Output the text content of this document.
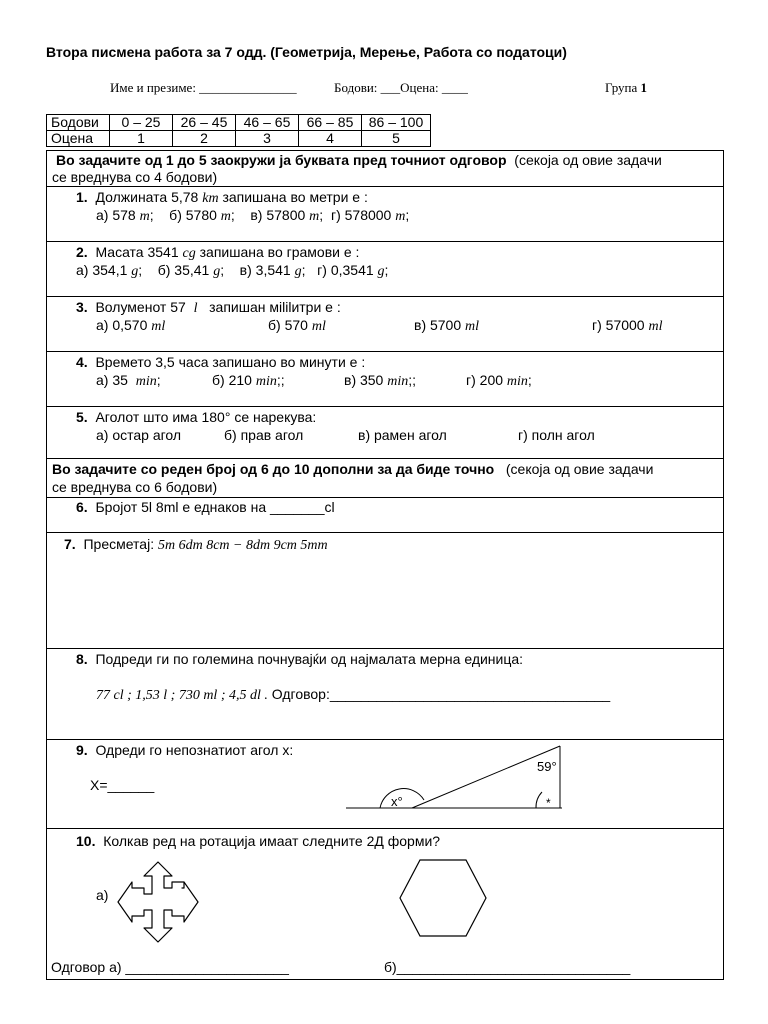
Втора писмена работа за 7 одд. (Геометрија, Мерење, Работа со податоци)
Име и презиме: _______________	Бодови: ___Оцена: ____	Група 1
Бодови	0 – 25	26 – 45	46 – 65	66 – 85	86 – 100
Оцена	1	2	3	4	5
Во задачите од 1 до 5 заокружи ја буквата пред точниот одговор (секоја од овие задачи
се вреднува со 4 бодови)
1. Должината 5,78 km запишана во метри е :
а) 578 m;    б) 5780 m;    в) 57800 m;  г) 578000 m;
2. Масата 3541 cg запишана во грамови е :
а) 354,1 g;    б) 35,41 g;    в) 3,541 g;   г) 0,3541 g;
3. Волуменот 57 l запишан мililитри е :
а) 0,570 ml	б) 570 ml	в) 5700 ml	г) 57000 ml
4. Времето 3,5 часа запишано во минути е :
а) 35 min;	б) 210 min;;	в) 350 min;;	г) 200 min;
5. Аголот што има 180° се нарекува:
а) остар агол	б) прав агол	в) рамен агол	г) полн агол
Во задачите со реден број од 6 до 10 дополни за да биде точно (секоја од овие задачи
се вреднува со 6 бодови)
6. Бројот 5l 8ml е еднаков на _______cl
7. Пресметај: 5m 6dm 8cm − 8dm 9cm 5mm
8. Подреди ги по големина почнувајќи од најмалата мерна единица:
77 cl ; 1,53 l ; 730 ml ; 4,5 dl . Одговор:____________________________________
9. Одреди го непознатиот агол х:
X=______
x°
59°
*
10. Колкав ред на ротација имаат следните 2Д форми?
а)
Одговор а) _____________________	б)______________________________
